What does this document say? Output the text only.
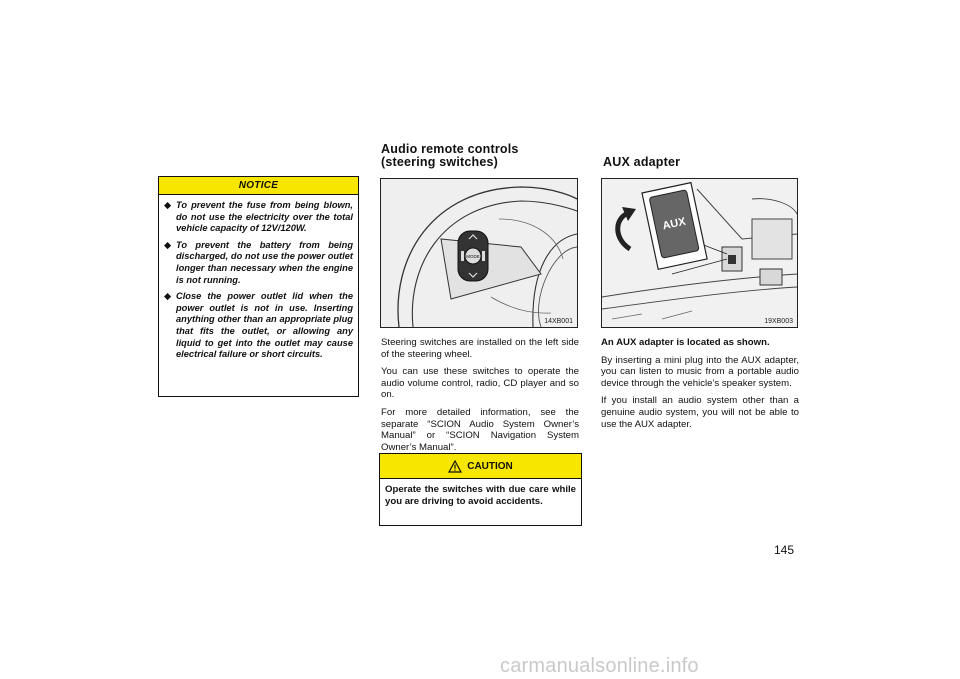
NOTICE
◆ To prevent the fuse from being blown, do not use the electricity over the total vehicle capacity of 12V/120W.
◆ To prevent the battery from being discharged, do not use the power outlet longer than necessary when the engine is not running.
◆ Close the power outlet lid when the power outlet is not in use. Inserting anything other than an appropriate plug that fits the outlet, or allowing any liquid to get into the outlet may cause electrical failure or short circuits.
Audio remote controls
(steering switches)	AUX adapter
MODE
14XB001
AUX
19XB003

Steering switches are installed on the left side of the steering wheel.

You can use these switches to operate the audio volume control, radio, CD player and so on.

For more detailed information, see the separate “SCION Audio System Owner’s Manual” or “SCION Navigation System Owner’s Manual”.

CAUTION
Operate the switches with due care while you are driving to avoid accidents.

An AUX adapter is located as shown.

By inserting a mini plug into the AUX adapter, you can listen to music from a portable audio device through the vehicle’s speaker system.

If you install an audio system other than a genuine audio system, you will not be able to use the AUX adapter.

145
carmanualsonline.info
